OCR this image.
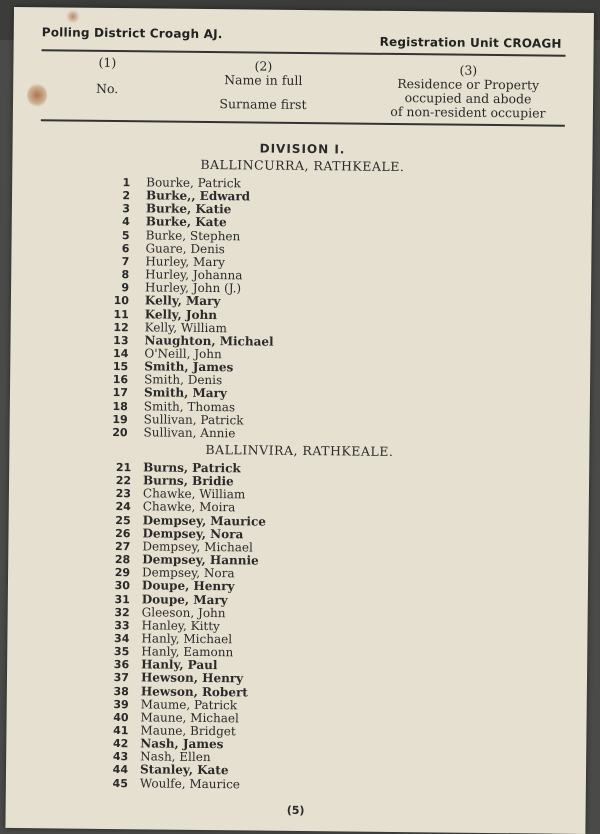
Polling District Croagh AJ.
Registration Unit CROAGH
(1)
No.
(2)
Name in full
Surname first
(3)
Residence or Property
occupied and abode
of non-resident occupier
DIVISION I.
BALLINCURRA, RATHKEALE.
1 Bourke, Patrick
2 Burke,, Edward
3 Burke, Katie
4 Burke, Kate
5 Burke, Stephen
6 Guare, Denis
7 Hurley, Mary
8 Hurley, Johanna
9 Hurley, John (J.)
10 Kelly, Mary
11 Kelly, John
12 Kelly, William
13 Naughton, Michael
14 O'Neill, John
15 Smith, James
16 Smith, Denis
17 Smith, Mary
18 Smith, Thomas
19 Sullivan, Patrick
20 Sullivan, Annie
BALLINVIRA, RATHKEALE.
21 Burns, Patrick
22 Burns, Bridie
23 Chawke, William
24 Chawke, Moira
25 Dempsey, Maurice
26 Dempsey, Nora
27 Dempsey, Michael
28 Dempsey, Hannie
29 Dempsey, Nora
30 Doupe, Henry
31 Doupe, Mary
32 Gleeson, John
33 Hanley, Kitty
34 Hanly, Michael
35 Hanly, Eamonn
36 Hanly, Paul
37 Hewson, Henry
38 Hewson, Robert
39 Maume, Patrick
40 Maune, Michael
41 Maune, Bridget
42 Nash, James
43 Nash, Ellen
44 Stanley, Kate
45 Woulfe, Maurice
(5)
